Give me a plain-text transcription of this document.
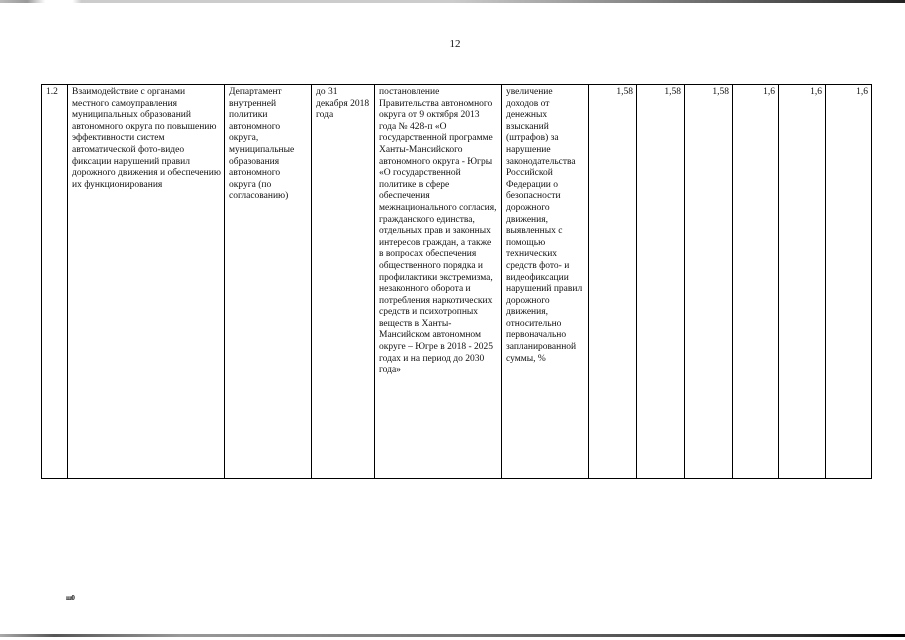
12
1.2	Взаимодействие с органами местного самоуправления муниципальных образований автономного округа по повышению эффективности систем автоматической фото-видео фиксации нарушений правил дорожного движения и обеспечению их функционирования	Департамент внутренней политики автономного округа, муниципальные образования автономного округа (по согласованию)	до 31 декабря 2018 года	постановление Правительства автономного округа от 9 октября 2013 года № 428-п «О государственной программе Ханты-Мансийского автономного округа - Югры «О государственной политике в сфере обеспечения межнационального согласия, гражданского единства, отдельных прав и законных интересов граждан, а также в вопросах обеспечения общественного порядка и профилактики экстремизма, незаконного оборота и потребления наркотических средств и психотропных веществ в Ханты-Мансийском автономном округе – Югре в 2018 - 2025 годах и на период до 2030 года»	увеличение доходов от денежных взысканий (штрафов) за нарушение законодательства Российской Федерации о безопасности дорожного движения, выявленных с помощью технических средств фото- и видеофиксации нарушений правил дорожного движения, относительно первоначально запланированной суммы, %	1,58	1,58	1,58	1,6	1,6	1,6
ш0
